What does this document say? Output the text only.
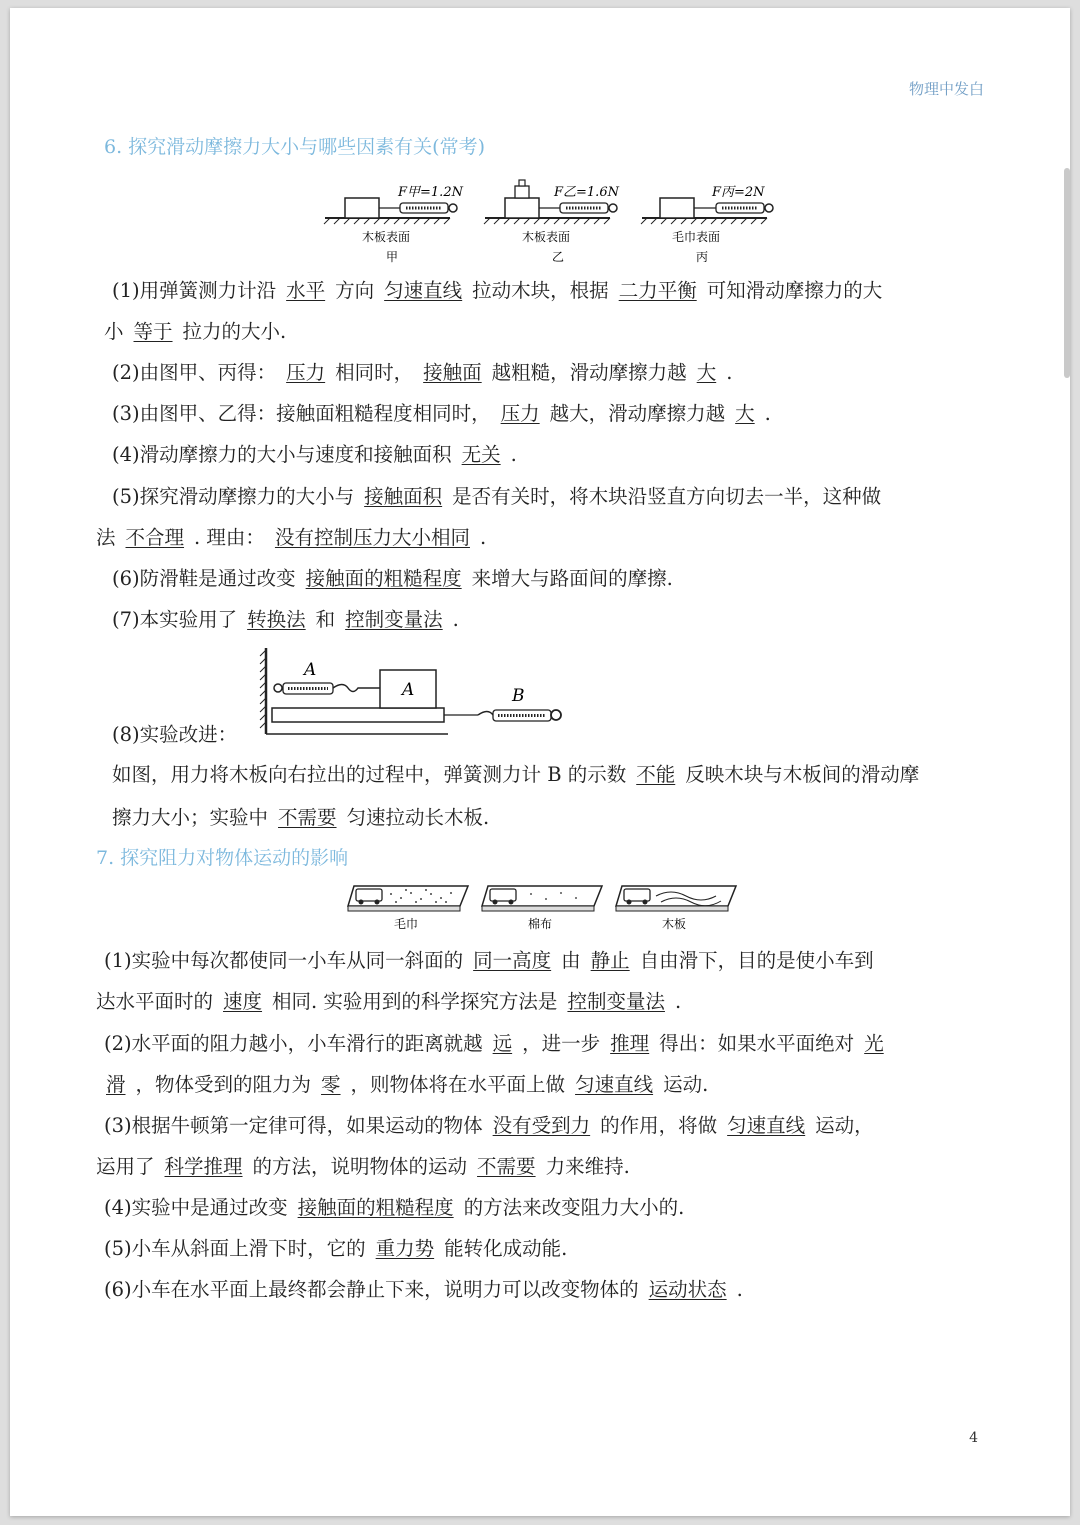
物理中发白
6. 探究滑动摩擦力大小与哪些因素有关(常考)
F甲=1.2N
木板表面
甲
F乙=1.6N
木板表面
乙
F丙=2N
毛巾表面
丙
(1)用弹簧测力计沿 水平 方向 匀速直线 拉动木块，根据 二力平衡 可知滑动摩擦力的大
小 等于 拉力的大小.
(2)由图甲、丙得： 压力 相同时， 接触面 越粗糙，滑动摩擦力越 大 .
(3)由图甲、乙得：接触面粗糙程度相同时， 压力 越大，滑动摩擦力越 大 .
(4)滑动摩擦力的大小与速度和接触面积 无关 .
(5)探究滑动摩擦力的大小与 接触面积 是否有关时，将木块沿竖直方向切去一半，这种做
法 不合理 . 理由： 没有控制压力大小相同 .
(6)防滑鞋是通过改变 接触面的粗糙程度 来增大与路面间的摩擦.
(7)本实验用了 转换法 和 控制变量法 .
A
A	B
(8)实验改进：
如图，用力将木板向右拉出的过程中，弹簧测力计 B 的示数 不能 反映木块与木板间的滑动摩
擦力大小；实验中 不需要 匀速拉动长木板.
7. 探究阻力对物体运动的影响
毛巾	棉布	木板
(1)实验中每次都使同一小车从同一斜面的 同一高度 由 静止 自由滑下，目的是使小车到
达水平面时的 速度 相同. 实验用到的科学探究方法是 控制变量法 .
(2)水平面的阻力越小，小车滑行的距离就越 远 ，进一步 推理 得出：如果水平面绝对 光
滑 ，物体受到的阻力为 零 ，则物体将在水平面上做 匀速直线 运动.
(3)根据牛顿第一定律可得，如果运动的物体 没有受到力 的作用，将做 匀速直线 运动，
运用了 科学推理 的方法，说明物体的运动 不需要 力来维持.
(4)实验中是通过改变 接触面的粗糙程度 的方法来改变阻力大小的.
(5)小车从斜面上滑下时，它的 重力势 能转化成动能.
(6)小车在水平面上最终都会静止下来，说明力可以改变物体的 运动状态 .
4
